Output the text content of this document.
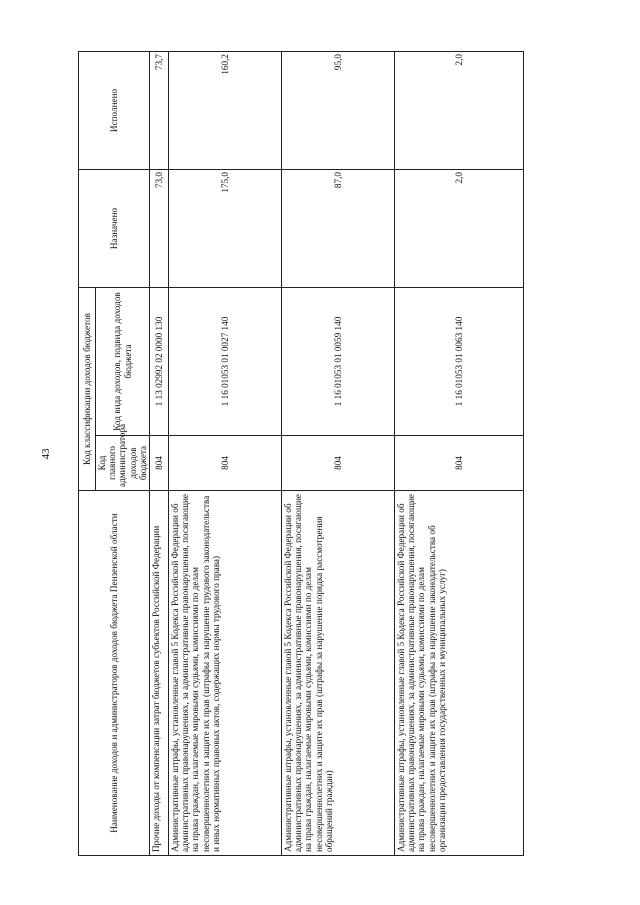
43
Наименование доходов и администраторов доходов бюджета Пензенской области	Код классификации доходов бюджетов		Назначено	Исполнено
	Код главного администратора доходов бюджета	Код вида доходов, подвида доходов бюджета		
Прочие доходы от компенсации затрат бюджетов субъектов Российской Федерации	804	1 13 02992 02 0000 130	73,0	73,7
Административные штрафы, установленные главой 5 Кодекса Российской Федерации об административных правонарушениях, за административные правонарушения, посягающие на права граждан, налагаемые мировыми судьями, комиссиями по делам несовершеннолетних и защите их прав (штрафы за нарушение трудового законодательства и иных нормативных правовых актов, содержащих нормы трудового права)	804	1 16 01053 01 0027 140	175,0	160,2
Административные штрафы, установленные главой 5 Кодекса Российской Федерации об административных правонарушениях, за административные правонарушения, посягающие на права граждан, налагаемые мировыми судьями, комиссиями по делам несовершеннолетних и защите их прав (штрафы за нарушение порядка рассмотрения обращений граждан)	804	1 16 01053 01 0059 140	87,0	95,0
Административные штрафы, установленные главой 5 Кодекса Российской Федерации об административных правонарушениях, за административные правонарушения, посягающие на права граждан, налагаемые мировыми судьями, комиссиями по делам несовершеннолетних и защите их прав (штрафы за нарушение законодательства об организации предоставления государственных и муниципальных услуг)	804	1 16 01053 01 0063 140	2,0	2,0
